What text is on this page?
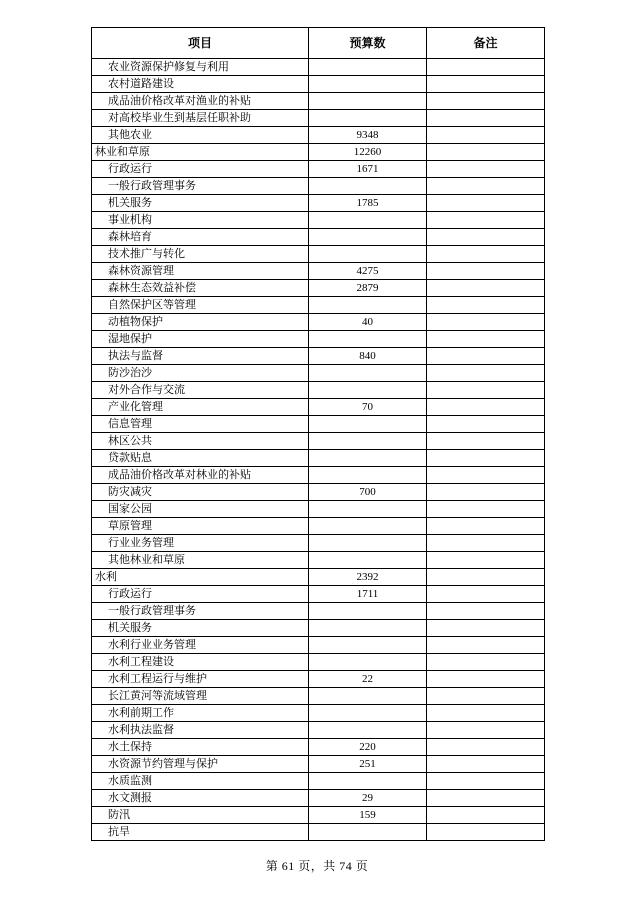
项目	预算数	备注
农业资源保护修复与利用		
农村道路建设		
成品油价格改革对渔业的补贴		
对高校毕业生到基层任职补助		
其他农业	9348	
林业和草原	12260	
行政运行	1671	
一般行政管理事务		
机关服务	1785	
事业机构		
森林培育		
技术推广与转化		
森林资源管理	4275	
森林生态效益补偿	2879	
自然保护区等管理		
动植物保护	40	
湿地保护		
执法与监督	840	
防沙治沙		
对外合作与交流		
产业化管理	70	
信息管理		
林区公共		
贷款贴息		
成品油价格改革对林业的补贴		
防灾减灾	700	
国家公园		
草原管理		
行业业务管理		
其他林业和草原		
水利	2392	
行政运行	1711	
一般行政管理事务		
机关服务		
水利行业业务管理		
水利工程建设		
水利工程运行与维护	22	
长江黄河等流域管理		
水利前期工作		
水利执法监督		
水土保持	220	
水资源节约管理与保护	251	
水质监测		
水文测报	29	
防汛	159	
抗旱		
第 61 页，共 74 页
